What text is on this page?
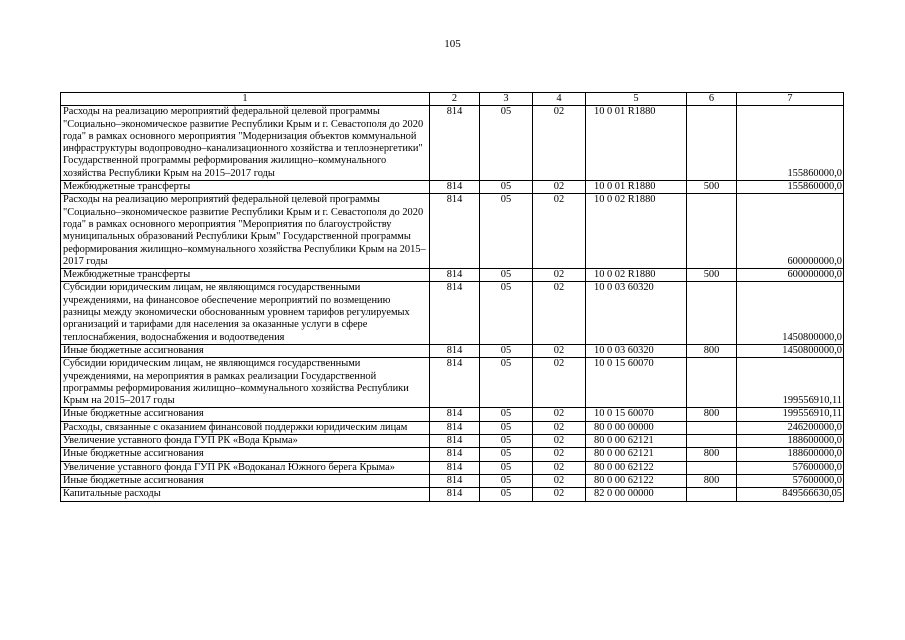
105
1	2	3	4	5	6	7
Расходы на реализацию мероприятий федеральной целевой программы "Социально–экономическое развитие Республики Крым и г. Севастополя до 2020 года" в рамках основного мероприятия "Модернизация объектов коммунальной инфраструктуры водопроводно–канализационного хозяйства и теплоэнергетики" Государственной программы реформирования жилищно–коммунального хозяйства Республики Крым на 2015–2017 годы	814	05	02	10 0 01 R1880		155860000,0
Межбюджетные трансферты	814	05	02	10 0 01 R1880	500	155860000,0
Расходы на реализацию мероприятий федеральной целевой программы "Социально–экономическое развитие Республики Крым и г. Севастополя до 2020 года" в рамках основного мероприятия "Мероприятия по благоустройству муниципальных образований Республики Крым" Государственной программы реформирования жилищно–коммунального хозяйства Республики Крым на 2015–2017 годы	814	05	02	10 0 02 R1880		600000000,0
Межбюджетные трансферты	814	05	02	10 0 02 R1880	500	600000000,0
Субсидии юридическим лицам, не являющимся государственными учреждениями, на финансовое обеспечение мероприятий по возмещению разницы между экономически обоснованным уровнем тарифов регулируемых организаций и тарифами для населения за оказанные услуги в сфере теплоснабжения, водоснабжения и водоотведения	814	05	02	10 0 03 60320		1450800000,0
Иные бюджетные ассигнования	814	05	02	10 0 03 60320	800	1450800000,0
Субсидии юридическим лицам, не являющимся государственными учреждениями, на мероприятия в рамках реализации Государственной программы реформирования жилищно–коммунального хозяйства Республики Крым на 2015–2017 годы	814	05	02	10 0 15 60070		199556910,11
Иные бюджетные ассигнования	814	05	02	10 0 15 60070	800	199556910,11
Расходы, связанные с оказанием финансовой поддержки юридическим лицам	814	05	02	80 0 00 00000		246200000,0
Увеличение уставного фонда ГУП РК «Вода Крыма»	814	05	02	80 0 00 62121		188600000,0
Иные бюджетные ассигнования	814	05	02	80 0 00 62121	800	188600000,0
Увеличение уставного фонда ГУП РК «Водоканал Южного берега Крыма»	814	05	02	80 0 00 62122		57600000,0
Иные бюджетные ассигнования	814	05	02	80 0 00 62122	800	57600000,0
Капитальные расходы	814	05	02	82 0 00 00000		849566630,05
